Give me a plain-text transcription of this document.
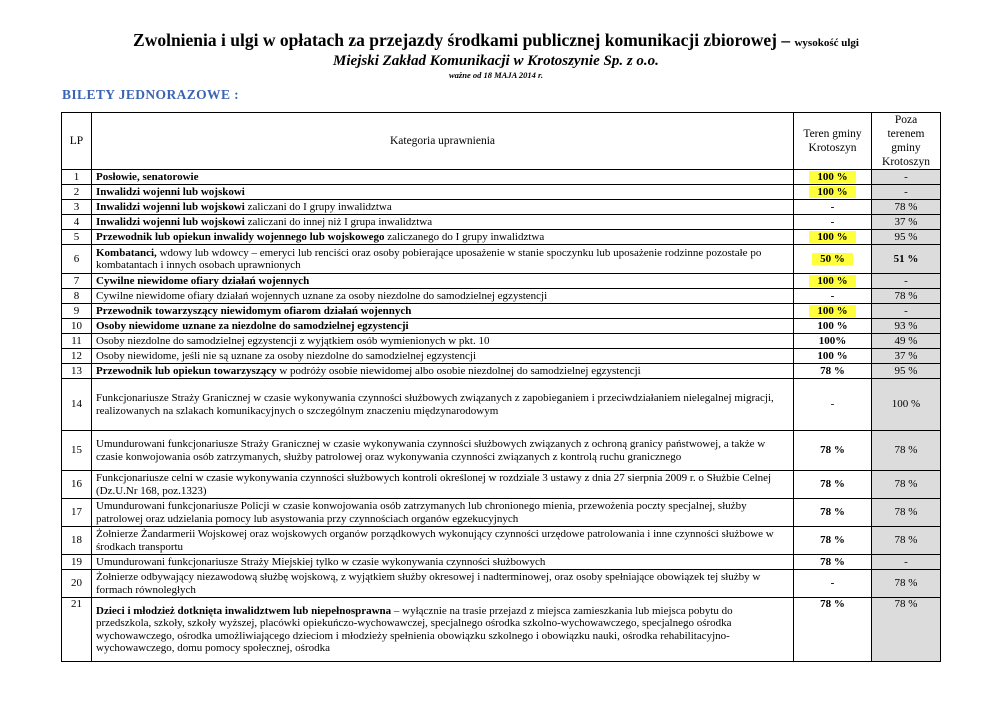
Zwolnienia i ulgi w opłatach za przejazdy środkami publicznej komunikacji zbiorowej – wysokość ulgi
Miejski Zakład Komunikacji w Krotoszynie Sp. z o.o.
ważne od 18 MAJA 2014 r.
BILETY JEDNORAZOWE :
LP	Kategoria uprawnienia	Teren gminy Krotoszyn	Poza terenem gminy Krotoszyn
1	Posłowie, senatorowie	100 %	-
2	Inwalidzi wojenni lub wojskowi	100 %	-
3	Inwalidzi wojenni lub wojskowi zaliczani do I grupy inwalidztwa	-	78 %
4	Inwalidzi wojenni lub wojskowi zaliczani do innej niż I grupa inwalidztwa	-	37 %
5	Przewodnik lub opiekun inwalidy wojennego lub wojskowego zaliczanego do I grupy inwalidztwa	100 %	95 %
6	Kombatanci, wdowy lub wdowcy – emeryci lub renciści oraz osoby pobierające uposażenie w stanie spoczynku lub uposażenie rodzinne pozostałe po kombatantach i innych osobach uprawnionych	50 %	51 %
7	Cywilne niewidome ofiary działań wojennych	100 %	-
8	Cywilne niewidome ofiary działań wojennych uznane za osoby niezdolne do samodzielnej egzystencji	-	78 %
9	Przewodnik towarzyszący niewidomym ofiarom działań wojennych	100 %	-
10	Osoby niewidome uznane za niezdolne do samodzielnej egzystencji	100 %	93 %
11	Osoby niezdolne do samodzielnej egzystencji z wyjątkiem osób wymienionych w pkt. 10	100%	49 %
12	Osoby niewidome, jeśli nie są uznane za osoby niezdolne do samodzielnej egzystencji	100 %	37 %
13	Przewodnik lub opiekun towarzyszący w podróży osobie niewidomej albo osobie niezdolnej do samodzielnej egzystencji	78 %	95 %
14	Funkcjonariusze Straży Granicznej w czasie wykonywania czynności służbowych związanych z zapobieganiem i przeciwdziałaniem nielegalnej migracji, realizowanych na szlakach komunikacyjnych o szczególnym znaczeniu międzynarodowym	-	100 %
15	Umundurowani funkcjonariusze Straży Granicznej w czasie wykonywania czynności służbowych związanych z ochroną granicy państwowej, a także w czasie konwojowania osób zatrzymanych, służby patrolowej oraz wykonywania czynności związanych z kontrolą ruchu granicznego	78 %	78 %
16	Funkcjonariusze celni w czasie wykonywania czynności służbowych kontroli określonej w rozdziale 3 ustawy z dnia 27 sierpnia 2009 r. o Służbie Celnej (Dz.U.Nr 168, poz.1323)	78 %	78 %
17	Umundurowani funkcjonariusze Policji w czasie konwojowania osób zatrzymanych lub chronionego mienia, przewożenia poczty specjalnej, służby patrolowej oraz udzielania pomocy lub asystowania przy czynnościach organów egzekucyjnych	78 %	78 %
18	Żołnierze Żandarmerii Wojskowej oraz wojskowych organów porządkowych wykonujący czynności urzędowe patrolowania i inne czynności służbowe w środkach transportu	78 %	78 %
19	Umundurowani funkcjonariusze Straży Miejskiej tylko w czasie wykonywania czynności służbowych	78 %	-
20	Żołnierze odbywający niezawodową służbę wojskową, z wyjątkiem służby okresowej i nadterminowej, oraz osoby spełniające obowiązek tej służby w formach równoległych	-	78 %
21	Dzieci i młodzież dotknięta inwalidztwem lub niepełnosprawna – wyłącznie na trasie przejazd z miejsca zamieszkania lub miejsca pobytu do przedszkola, szkoły, szkoły wyższej, placówki opiekuńczo-wychowawczej, specjalnego ośrodka szkolno-wychowawczego, specjalnego ośrodka wychowawczego, ośrodka umożliwiającego dzieciom i młodzieży spełnienia obowiązku szkolnego i obowiązku nauki, ośrodka rehabilitacyjno-wychowawczego, domu pomocy społecznej, ośrodka	78 %	78 %
